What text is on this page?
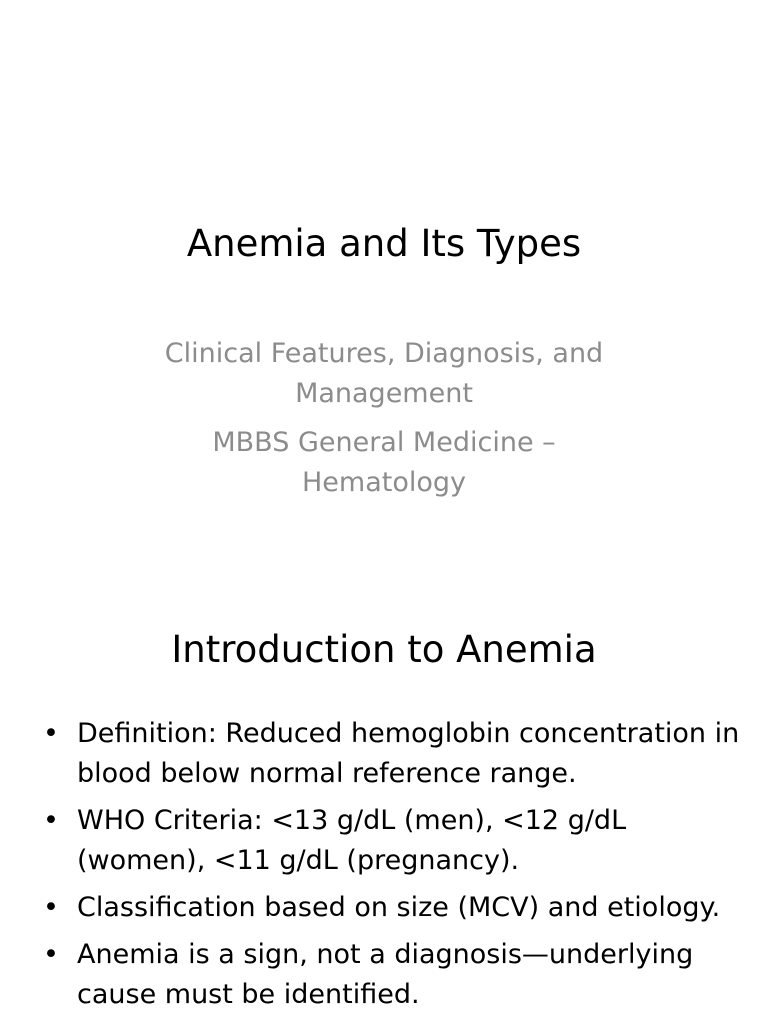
Anemia and Its Types

Clinical Features, Diagnosis, and Management

MBBS General Medicine – Hematology

Introduction to Anemia
• Definition: Reduced hemoglobin concentration in blood below normal reference range.
• WHO Criteria: <13 g/dL (men), <12 g/dL (women), <11 g/dL (pregnancy).
• Classification based on size (MCV) and etiology.
• Anemia is a sign, not a diagnosis—underlying cause must be identified.
